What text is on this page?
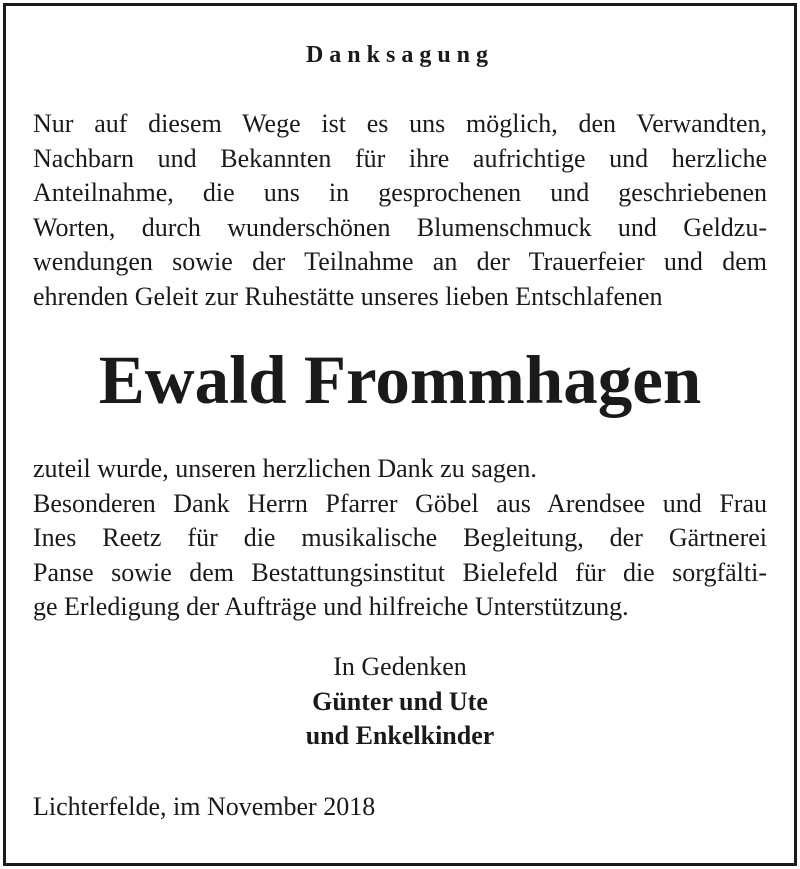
Danksagung
Nur auf diesem Wege ist es uns möglich, den Verwandten,
Nachbarn und Bekannten für ihre aufrichtige und herzliche
Anteilnahme, die uns in gesprochenen und geschriebenen
Worten, durch wunderschönen Blumenschmuck und Geldzu-
wendungen sowie der Teilnahme an der Trauerfeier und dem
ehrenden Geleit zur Ruhestätte unseres lieben Entschlafenen
Ewald Frommhagen
zuteil wurde, unseren herzlichen Dank zu sagen.
Besonderen Dank Herrn Pfarrer Göbel aus Arendsee und Frau
Ines Reetz für die musikalische Begleitung, der Gärtnerei
Panse sowie dem Bestattungsinstitut Bielefeld für die sorgfälti-
ge Erledigung der Aufträge und hilfreiche Unterstützung.
In Gedenken
Günter und Ute
und Enkelkinder
Lichterfelde, im November 2018
